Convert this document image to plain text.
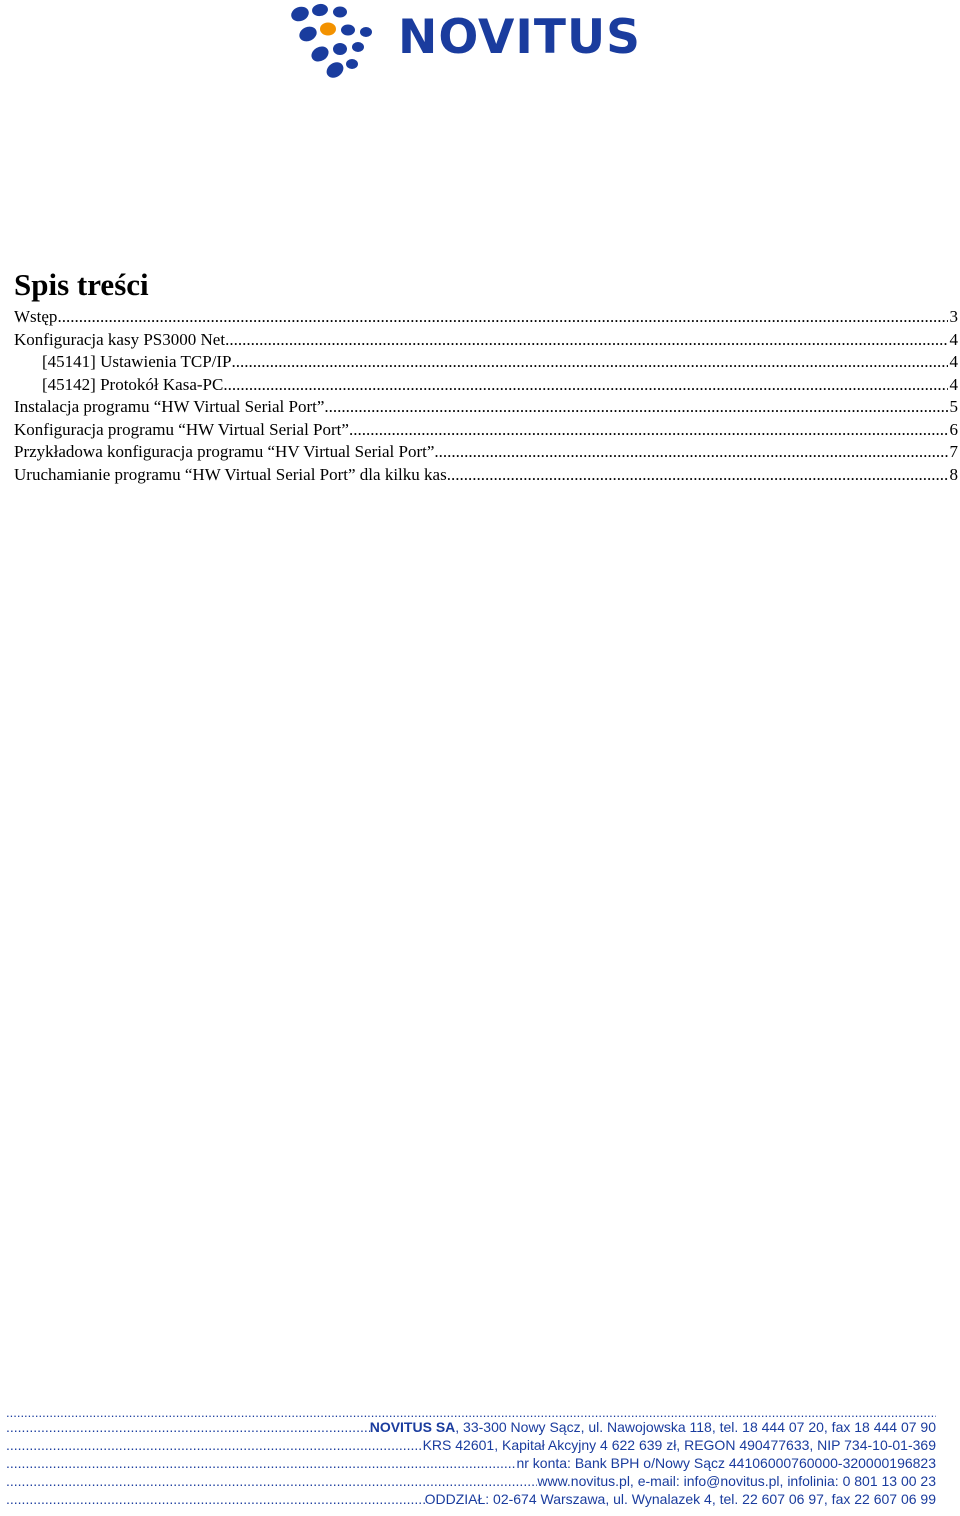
NOVITUS
Spis treści
Wstęp .....	3
Konfiguracja kasy PS3000 Net .....	4
[45141] Ustawienia TCP/IP .....	4
[45142] Protokół Kasa-PC .....	4
Instalacja programu “HW Virtual Serial Port” .....	5
Konfiguracja programu “HW Virtual Serial Port” .....	6
Przykładowa konfiguracja programu “HV Virtual Serial Port” .....	7
Uruchamianie programu “HW Virtual Serial Port” dla kilku kas .....	8
.....
.....
NOVITUS SA, 33-300 Nowy Sącz, ul. Nawojowska 118, tel. 18 444 07 20, fax 18 444 07 90
.....
KRS 42601, Kapitał Akcyjny 4 622 639 zł, REGON 490477633, NIP 734-10-01-369
.....
nr konta: Bank BPH o/Nowy Sącz 44106000760000-320000196823
.....
www.novitus.pl, e-mail: info@novitus.pl, infolinia: 0 801 13 00 23
.....
ODDZIAŁ: 02-674 Warszawa, ul. Wynalazek 4, tel. 22 607 06 97, fax 22 607 06 99
